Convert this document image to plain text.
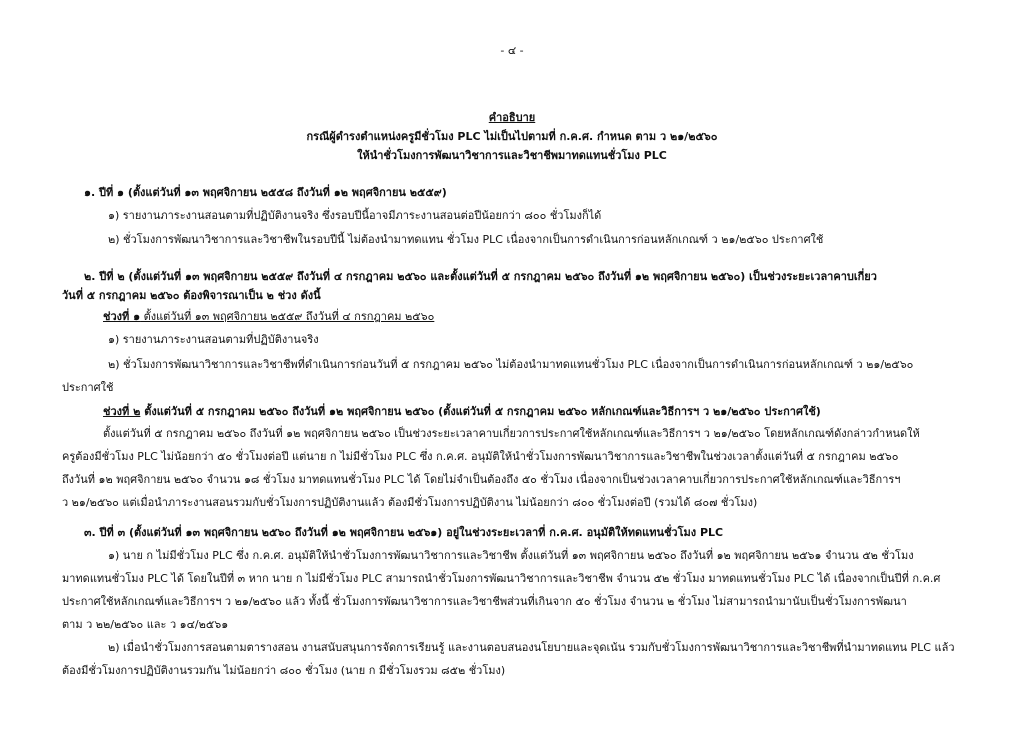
- ๔ -
คำอธิบาย
กรณีผู้ดำรงตำแหน่งครูมีชั่วโมง PLC ไม่เป็นไปตามที่ ก.ค.ศ. กำหนด ตาม ว ๒๑/๒๕๖๐
ให้นำชั่วโมงการพัฒนาวิชาการและวิชาชีพมาทดแทนชั่วโมง PLC
๑. ปีที่ ๑ (ตั้งแต่วันที่ ๑๓ พฤศจิกายน ๒๕๕๘ ถึงวันที่ ๑๒ พฤศจิกายน ๒๕๕๙)
๑) รายงานภาระงานสอนตามที่ปฏิบัติงานจริง ซึ่งรอบปีนี้อาจมีภาระงานสอนต่อปีน้อยกว่า ๘๐๐ ชั่วโมงก็ได้
๒) ชั่วโมงการพัฒนาวิชาการและวิชาชีพในรอบปีนี้ ไม่ต้องนำมาทดแทน ชั่วโมง PLC เนื่องจากเป็นการดำเนินการก่อนหลักเกณฑ์ ว ๒๑/๒๕๖๐ ประกาศใช้
๒. ปีที่ ๒ (ตั้งแต่วันที่ ๑๓ พฤศจิกายน ๒๕๕๙ ถึงวันที่ ๔ กรกฎาคม ๒๕๖๐ และตั้งแต่วันที่ ๕ กรกฎาคม ๒๕๖๐ ถึงวันที่ ๑๒ พฤศจิกายน ๒๕๖๐) เป็นช่วงระยะเวลาคาบเกี่ยว
วันที่ ๕ กรกฎาคม ๒๕๖๐ ต้องพิจารณาเป็น ๒ ช่วง ดังนี้
ช่วงที่ ๑ ตั้งแต่วันที่ ๑๓ พฤศจิกายน ๒๕๕๙ ถึงวันที่ ๔ กรกฎาคม ๒๕๖๐
๑) รายงานภาระงานสอนตามที่ปฏิบัติงานจริง
๒) ชั่วโมงการพัฒนาวิชาการและวิชาชีพที่ดำเนินการก่อนวันที่ ๕ กรกฎาคม ๒๕๖๐ ไม่ต้องนำมาทดแทนชั่วโมง PLC เนื่องจากเป็นการดำเนินการก่อนหลักเกณฑ์ ว ๒๑/๒๕๖๐
ประกาศใช้
ช่วงที่ ๒ ตั้งแต่วันที่ ๕ กรกฎาคม ๒๕๖๐ ถึงวันที่ ๑๒ พฤศจิกายน ๒๕๖๐ (ตั้งแต่วันที่ ๕ กรกฎาคม ๒๕๖๐ หลักเกณฑ์และวิธีการฯ ว ๒๑/๒๕๖๐ ประกาศใช้)
ตั้งแต่วันที่ ๕ กรกฎาคม ๒๕๖๐ ถึงวันที่ ๑๒ พฤศจิกายน ๒๕๖๐ เป็นช่วงระยะเวลาคาบเกี่ยวการประกาศใช้หลักเกณฑ์และวิธีการฯ ว ๒๑/๒๕๖๐ โดยหลักเกณฑ์ดังกล่าวกำหนดให้
ครูต้องมีชั่วโมง PLC ไม่น้อยกว่า ๕๐ ชั่วโมงต่อปี แต่นาย ก ไม่มีชั่วโมง PLC ซึ่ง ก.ค.ศ. อนุมัติให้นำชั่วโมงการพัฒนาวิชาการและวิชาชีพในช่วงเวลาตั้งแต่วันที่ ๕ กรกฎาคม ๒๕๖๐
ถึงวันที่ ๑๒ พฤศจิกายน ๒๕๖๐ จำนวน ๑๘ ชั่วโมง มาทดแทนชั่วโมง PLC ได้ โดยไม่จำเป็นต้องถึง ๕๐ ชั่วโมง เนื่องจากเป็นช่วงเวลาคาบเกี่ยวการประกาศใช้หลักเกณฑ์และวิธีการฯ
ว ๒๑/๒๕๖๐ แต่เมื่อนำภาระงานสอนรวมกับชั่วโมงการปฏิบัติงานแล้ว ต้องมีชั่วโมงการปฏิบัติงาน ไม่น้อยกว่า ๘๐๐ ชั่วโมงต่อปี (รวมได้ ๘๐๗ ชั่วโมง)
๓. ปีที่ ๓ (ตั้งแต่วันที่ ๑๓ พฤศจิกายน ๒๕๖๐ ถึงวันที่ ๑๒ พฤศจิกายน ๒๕๖๑) อยู่ในช่วงระยะเวลาที่ ก.ค.ศ. อนุมัติให้ทดแทนชั่วโมง PLC
๑) นาย ก ไม่มีชั่วโมง PLC ซึ่ง ก.ค.ศ. อนุมัติให้นำชั่วโมงการพัฒนาวิชาการและวิชาชีพ ตั้งแต่วันที่ ๑๓ พฤศจิกายน ๒๕๖๐ ถึงวันที่ ๑๒ พฤศจิกายน ๒๕๖๑ จำนวน ๕๒ ชั่วโมง
มาทดแทนชั่วโมง PLC ได้ โดยในปีที่ ๓ หาก นาย ก ไม่มีชั่วโมง PLC สามารถนำชั่วโมงการพัฒนาวิชาการและวิชาชีพ จำนวน ๕๒ ชั่วโมง มาทดแทนชั่วโมง PLC ได้ เนื่องจากเป็นปีที่ ก.ค.ศ
ประกาศใช้หลักเกณฑ์และวิธีการฯ ว ๒๑/๒๕๖๐ แล้ว ทั้งนี้ ชั่วโมงการพัฒนาวิชาการและวิชาชีพส่วนที่เกินจาก ๕๐ ชั่วโมง จำนวน ๒ ชั่วโมง ไม่สามารถนำมานับเป็นชั่วโมงการพัฒนา
ตาม ว ๒๒/๒๕๖๐ และ ว ๑๔/๒๕๖๑
๒) เมื่อนำชั่วโมงการสอนตามตารางสอน งานสนับสนุนการจัดการเรียนรู้ และงานตอบสนองนโยบายและจุดเน้น รวมกับชั่วโมงการพัฒนาวิชาการและวิชาชีพที่นำมาทดแทน PLC แล้ว
ต้องมีชั่วโมงการปฏิบัติงานรวมกัน ไม่น้อยกว่า ๘๐๐ ชั่วโมง (นาย ก มีชั่วโมงรวม ๘๕๒ ชั่วโมง)
